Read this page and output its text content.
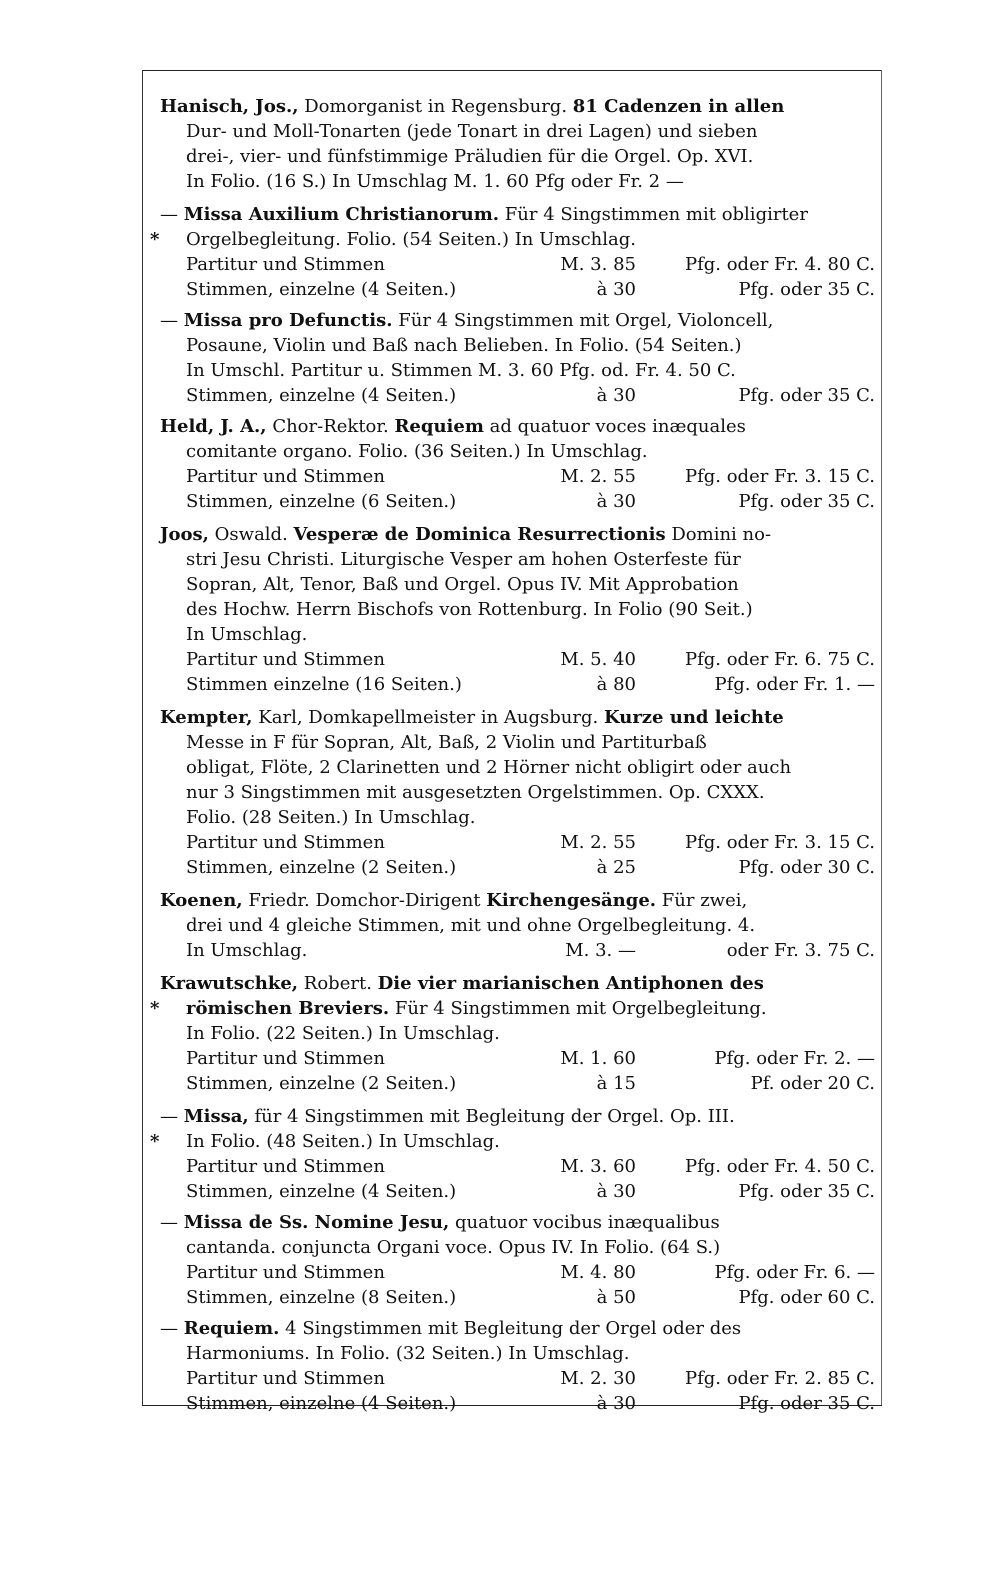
Hanisch, Jos., Domorganist in Regensburg. 81 Cadenzen in allen
Dur- und Moll-Tonarten (jede Tonart in drei Lagen) und sieben
drei-, vier- und fünfstimmige Präludien für die Orgel. Op. XVI.
In Folio. (16 S.) In Umschlag M. 1. 60 Pfg oder Fr. 2 —
— Missa Auxilium Christianorum. Für 4 Singstimmen mit obligirter
* Orgelbegleitung. Folio. (54 Seiten.) In Umschlag.
Partitur und Stimmen	M. 3. 85	Pfg. oder Fr. 4. 80 C.
Stimmen, einzelne (4 Seiten.)	à 30	Pfg. oder 35 C.
— Missa pro Defunctis. Für 4 Singstimmen mit Orgel, Violoncell,
Posaune, Violin und Baß nach Belieben. In Folio. (54 Seiten.)
In Umschl. Partitur u. Stimmen M. 3. 60 Pfg. od. Fr. 4. 50 C.
Stimmen, einzelne (4 Seiten.)	à 30	Pfg. oder 35 C.
Held, J. A., Chor-Rektor. Requiem ad quatuor voces inæquales
comitante organo. Folio. (36 Seiten.) In Umschlag.
Partitur und Stimmen	M. 2. 55	Pfg. oder Fr. 3. 15 C.
Stimmen, einzelne (6 Seiten.)	à 30	Pfg. oder 35 C.
Joos, Oswald. Vesperæ de Dominica Resurrectionis Domini no-
stri Jesu Christi. Liturgische Vesper am hohen Osterfeste für
Sopran, Alt, Tenor, Baß und Orgel. Opus IV. Mit Approbation
des Hochw. Herrn Bischofs von Rottenburg. In Folio (90 Seit.)
In Umschlag.
Partitur und Stimmen	M. 5. 40	Pfg. oder Fr. 6. 75 C.
Stimmen einzelne (16 Seiten.)	à 80	Pfg. oder Fr. 1. —
Kempter, Karl, Domkapellmeister in Augsburg. Kurze und leichte
Messe in F für Sopran, Alt, Baß, 2 Violin und Partiturbaß
obligat, Flöte, 2 Clarinetten und 2 Hörner nicht obligirt oder auch
nur 3 Singstimmen mit ausgesetzten Orgelstimmen. Op. CXXX.
Folio. (28 Seiten.) In Umschlag.
Partitur und Stimmen	M. 2. 55	Pfg. oder Fr. 3. 15 C.
Stimmen, einzelne (2 Seiten.)	à 25	Pfg. oder 30 C.
Koenen, Friedr. Domchor-Dirigent Kirchengesänge. Für zwei,
drei und 4 gleiche Stimmen, mit und ohne Orgelbegleitung. 4.
In Umschlag.	M. 3. —	oder Fr. 3. 75 C.
Krawutschke, Robert. Die vier marianischen Antiphonen des
* römischen Breviers. Für 4 Singstimmen mit Orgelbegleitung.
In Folio. (22 Seiten.) In Umschlag.
Partitur und Stimmen	M. 1. 60	Pfg. oder Fr. 2. —
Stimmen, einzelne (2 Seiten.)	à 15	Pf. oder 20 C.
— Missa, für 4 Singstimmen mit Begleitung der Orgel. Op. III.
* In Folio. (48 Seiten.) In Umschlag.
Partitur und Stimmen	M. 3. 60	Pfg. oder Fr. 4. 50 C.
Stimmen, einzelne (4 Seiten.)	à 30	Pfg. oder 35 C.
— Missa de Ss. Nomine Jesu, quatuor vocibus inæqualibus
cantanda. conjuncta Organi voce. Opus IV. In Folio. (64 S.)
Partitur und Stimmen	M. 4. 80	Pfg. oder Fr. 6. —
Stimmen, einzelne (8 Seiten.)	à 50	Pfg. oder 60 C.
— Requiem. 4 Singstimmen mit Begleitung der Orgel oder des
Harmoniums. In Folio. (32 Seiten.) In Umschlag.
Partitur und Stimmen	M. 2. 30	Pfg. oder Fr. 2. 85 C.
Stimmen, einzelne (4 Seiten.)	à 30	Pfg. oder 35 C.
